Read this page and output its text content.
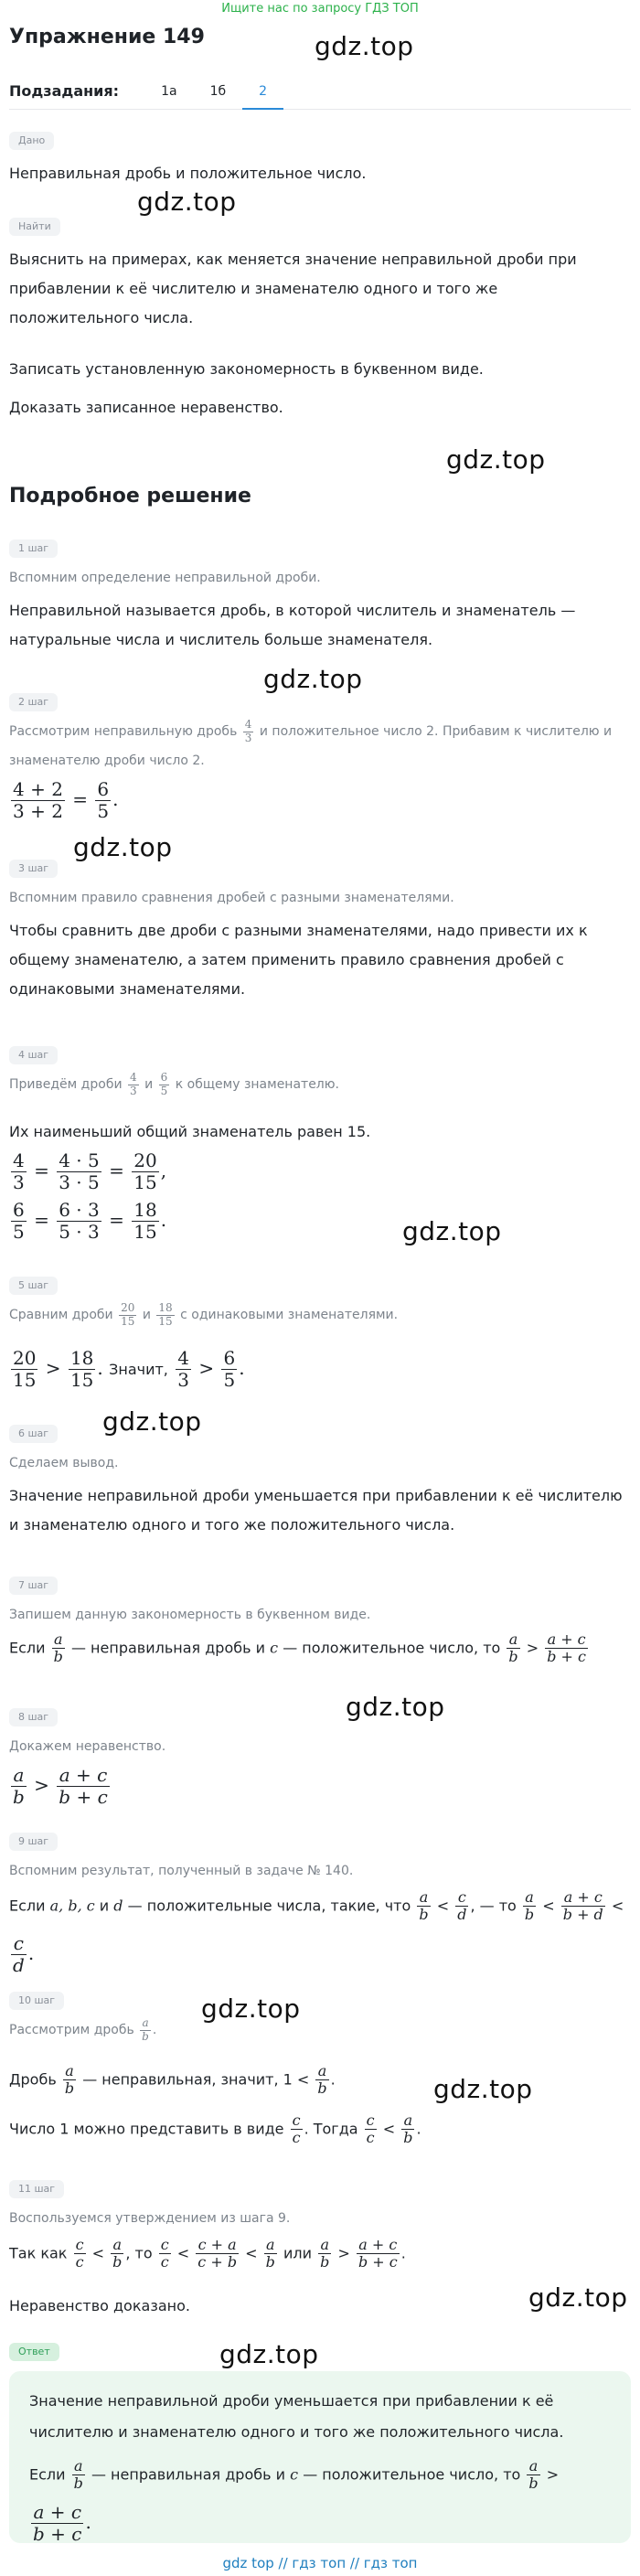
Ищите нас по запросу ГДЗ ТОП
Упражнение 149
Подзадания:	1а	1б	2
gdz.top
gdz.top
gdz.top
gdz.top
gdz.top
gdz.top
gdz.top
gdz.top
gdz.top
gdz.top
gdz.top
gdz.top
Дано
Неправильная дробь и положительное число.
Найти
Выяснить на примерах, как меняется значение неправильной дроби при
прибавлении к её числителю и знаменателю одного и того же
положительного числа.
Записать установленную закономерность в буквенном виде.
Доказать записанное неравенство.
Подробное решение
1 шаг
Вспомним определение неправильной дроби.
Неправильной называется дробь, в которой числитель и знаменатель —
натуральные числа и числитель больше знаменателя.
2 шаг
Рассмотрим неправильную дробь $\frac{4}{3}$ и положительное число 2. Прибавим к числителю и
знаменателю дроби число 2.
$\frac{4 + 2}{3 + 2} = \frac{6}{5}$ .
3 шаг
Вспомним правило сравнения дробей с разными знаменателями.
Чтобы сравнить две дроби с разными знаменателями, надо привести их к
общему знаменателю, а затем применить правило сравнения дробей с
одинаковыми знаменателями.
4 шаг
Приведём дроби $\frac{4}{3}$ и $\frac{6}{5}$ к общему знаменателю.
Их наименьший общий знаменатель равен 15.
$\frac{4}{3} = \frac{4 \cdot 5}{3 \cdot 5} = \frac{20}{15}$ ,
$\frac{6}{5} = \frac{6 \cdot 3}{5 \cdot 3} = \frac{18}{15}$ .
5 шаг
Сравним дроби $\frac{20}{15}$ и $\frac{18}{15}$ с одинаковыми знаменателями.
$\frac{20}{15} > \frac{18}{15}$ . Значит, $\frac{4}{3} > \frac{6}{5}$ .
6 шаг
Сделаем вывод.
Значение неправильной дроби уменьшается при прибавлении к её числителю
и знаменателю одного и того же положительного числа.
7 шаг
Запишем данную закономерность в буквенном виде.
Если $\frac{a}{b}$ — неправильная дробь и c — положительное число, то $\frac{a}{b} > \frac{a + c}{b + c}$
8 шаг
Докажем неравенство.
$\frac{a}{b} > \frac{a + c}{b + c}$
9 шаг
Вспомним результат, полученный в задаче № 140.
Если a, b, c и d — положительные числа, такие, что $\frac{a}{b} < \frac{c}{d}$ , — то $\frac{a}{b} < \frac{a + c}{b + d}$ <
$\frac{c}{d}$ .
10 шаг
Рассмотрим дробь $\frac{a}{b}$ .
Дробь $\frac{a}{b}$ — неправильная, значит, $1 < \frac{a}{b}$ .
Число 1 можно представить в виде $\frac{c}{c}$ . Тогда $\frac{c}{c} < \frac{a}{b}$ .
11 шаг
Воспользуемся утверждением из шага 9.
Так как $\frac{c}{c} < \frac{a}{b}$ , то $\frac{c}{c} < \frac{c + a}{c + b} < \frac{a}{b}$ или $\frac{a}{b} > \frac{a + c}{b + c}$ .
Неравенство доказано.
Ответ
Значение неправильной дроби уменьшается при прибавлении к её
числителю и знаменателю одного и того же положительного числа.
Если $\frac{a}{b}$ — неправильная дробь и c — положительное число, то $\frac{a}{b}$ >
$\frac{a + c}{b + c}$ .
gdz top // гдз топ // гдз топ
